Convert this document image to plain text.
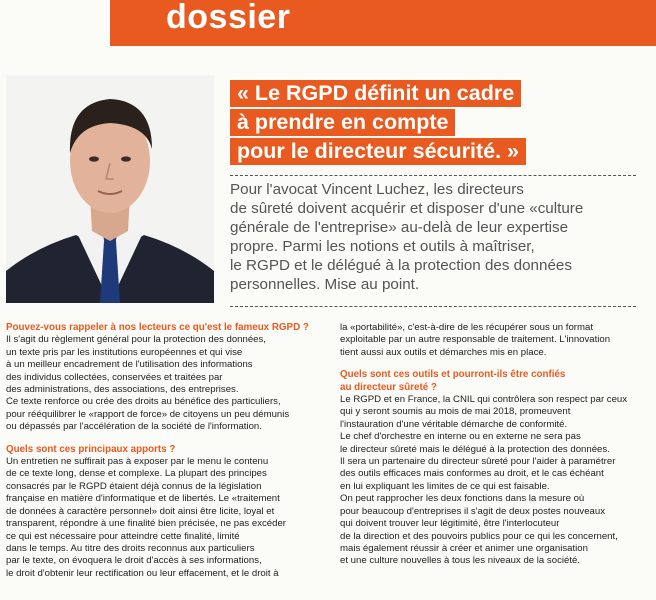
dossier
« Le RGPD définit un cadre
à prendre en compte
pour le directeur sécurité. »
Pour l'avocat Vincent Luchez, les directeurs
de sûreté doivent acquérir et disposer d'une «culture
générale de l'entreprise» au-delà de leur expertise
propre. Parmi les notions et outils à maîtriser,
le RGPD et le délégué à la protection des données
personnelles. Mise au point.
Pouvez-vous rappeler à nos lecteurs ce qu'est le fameux RGPD ?
Il s'agit du règlement général pour la protection des données,
un texte pris par les institutions européennes et qui vise
à un meilleur encadrement de l'utilisation des informations
des individus collectées, conservées et traitées par
des administrations, des associations, des entreprises.
Ce texte renforce ou crée des droits au bénéfice des particuliers,
pour rééquilibrer le «rapport de force» de citoyens un peu démunis
ou dépassés par l'accélération de la société de l'information.
Quels sont ces principaux apports ?
Un entretien ne suffirait pas à exposer par le menu le contenu
de ce texte long, dense et complexe. La plupart des principes
consacrés par le RGPD étaient déjà connus de la législation
française en matière d'informatique et de libertés. Le «traitement
de données à caractère personnel» doit ainsi être licite, loyal et
transparent, répondre à une finalité bien précisée, ne pas excéder
ce qui est nécessaire pour atteindre cette finalité, limité
dans le temps. Au titre des droits reconnus aux particuliers
par le texte, on évoquera le droit d'accès à ses informations,
le droit d'obtenir leur rectification ou leur effacement, et le droit à
la «portabilité», c'est-à-dire de les récupérer sous un format
exploitable par un autre responsable de traitement. L'innovation
tient aussi aux outils et démarches mis en place.
Quels sont ces outils et pourront-ils être confiés
au directeur sûreté ?
Le RGPD et en France, la CNIL qui contrôlera son respect par ceux
qui y seront soumis au mois de mai 2018, promeuvent
l'instauration d'une véritable démarche de conformité.
Le chef d'orchestre en interne ou en externe ne sera pas
le directeur sûreté mais le délégué à la protection des données.
Il sera un partenaire du directeur sûreté pour l'aider à paramétrer
des outils efficaces mais conformes au droit, et le cas échéant
en lui expliquant les limites de ce qui est faisable.
On peut rapprocher les deux fonctions dans la mesure où
pour beaucoup d'entreprises il s'agit de deux postes nouveaux
qui doivent trouver leur légitimité, être l'interlocuteur
de la direction et des pouvoirs publics pour ce qui les concernent,
mais également réussir à créer et animer une organisation
et une culture nouvelles à tous les niveaux de la société.
